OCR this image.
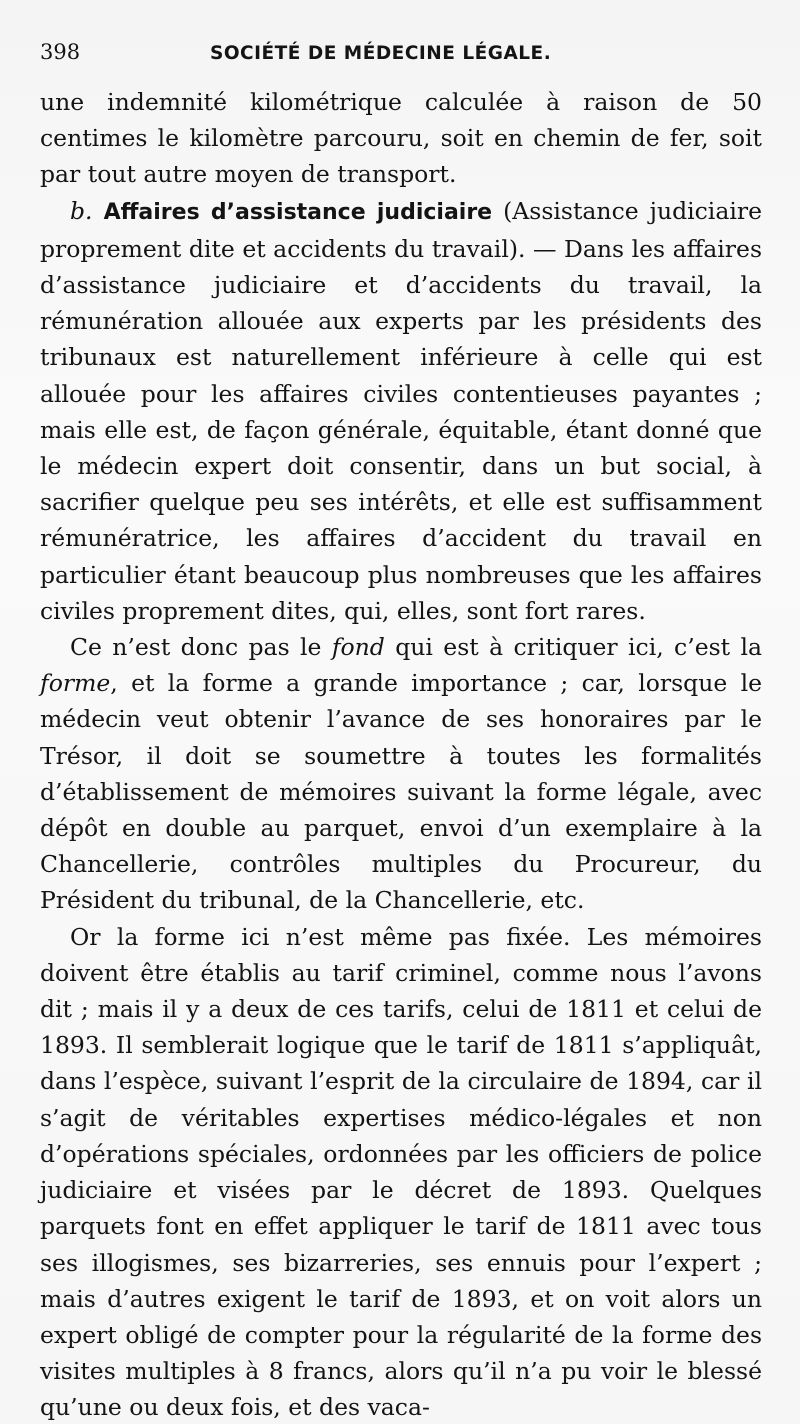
398	SOCIÉTÉ DE MÉDECINE LÉGALE.

une indemnité kilométrique calculée à raison de 50 centimes le kilomètre parcouru, soit en chemin de fer, soit par tout autre moyen de transport.

b. Affaires d’assistance judiciaire (Assistance judiciaire proprement dite et accidents du travail). — Dans les affaires d’assistance judiciaire et d’accidents du travail, la rémunération allouée aux experts par les présidents des tribunaux est naturellement inférieure à celle qui est allouée pour les affaires civiles contentieuses payantes ; mais elle est, de façon générale, équitable, étant donné que le médecin expert doit consentir, dans un but social, à sacrifier quelque peu ses intérêts, et elle est suffisamment rémunératrice, les affaires d’accident du travail en particulier étant beaucoup plus nombreuses que les affaires civiles proprement dites, qui, elles, sont fort rares.

Ce n’est donc pas le fond qui est à critiquer ici, c’est la forme, et la forme a grande importance ; car, lorsque le médecin veut obtenir l’avance de ses honoraires par le Trésor, il doit se soumettre à toutes les formalités d’établissement de mémoires suivant la forme légale, avec dépôt en double au parquet, envoi d’un exemplaire à la Chancellerie, contrôles multiples du Procureur, du Président du tribunal, de la Chancellerie, etc.

Or la forme ici n’est même pas fixée. Les mémoires doivent être établis au tarif criminel, comme nous l’avons dit ; mais il y a deux de ces tarifs, celui de 1811 et celui de 1893. Il semblerait logique que le tarif de 1811 s’appliquât, dans l’espèce, suivant l’esprit de la circulaire de 1894, car il s’agit de véritables expertises médico-légales et non d’opérations spéciales, ordonnées par les officiers de police judiciaire et visées par le décret de 1893. Quelques parquets font en effet appliquer le tarif de 1811 avec tous ses illogismes, ses bizarreries, ses ennuis pour l’expert ; mais d’autres exigent le tarif de 1893, et on voit alors un expert obligé de compter pour la régularité de la forme des visites multiples à 8 francs, alors qu’il n’a pu voir le blessé qu’une ou deux fois, et des vaca-
